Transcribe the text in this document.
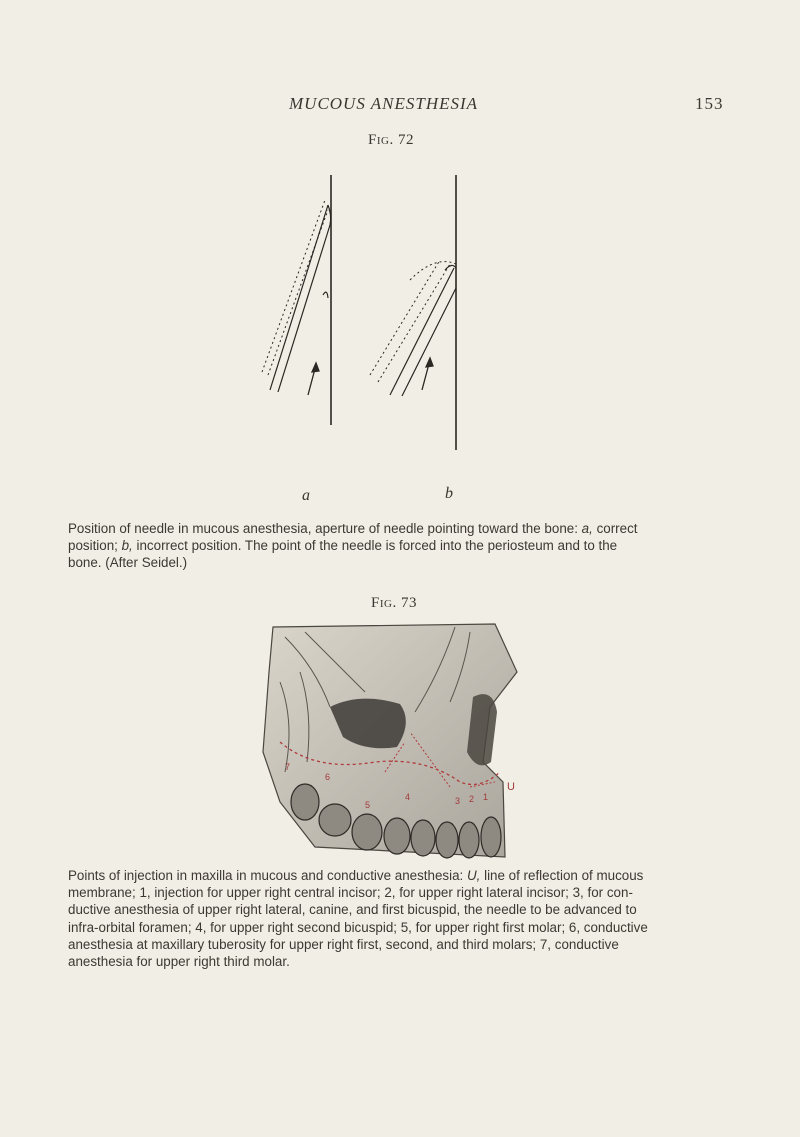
MUCOUS ANESTHESIA	153
Fig. 72
a	b
Position of needle in mucous anesthesia, aperture of needle pointing toward the bone: a, correct
position; b, incorrect position. The point of the needle is forced into the periosteum and to the
bone. (After Seidel.)
Fig. 73
U
1
2
3
4
5
6
7
Points of injection in maxilla in mucous and conductive anesthesia: U, line of reflection of mucous
membrane; 1, injection for upper right central incisor; 2, for upper right lateral incisor; 3, for con-
ductive anesthesia of upper right lateral, canine, and first bicuspid, the needle to be advanced to
infra-orbital foramen; 4, for upper right second bicuspid; 5, for upper right first molar; 6, conductive
anesthesia at maxillary tuberosity for upper right first, second, and third molars; 7, conductive
anesthesia for upper right third molar.
